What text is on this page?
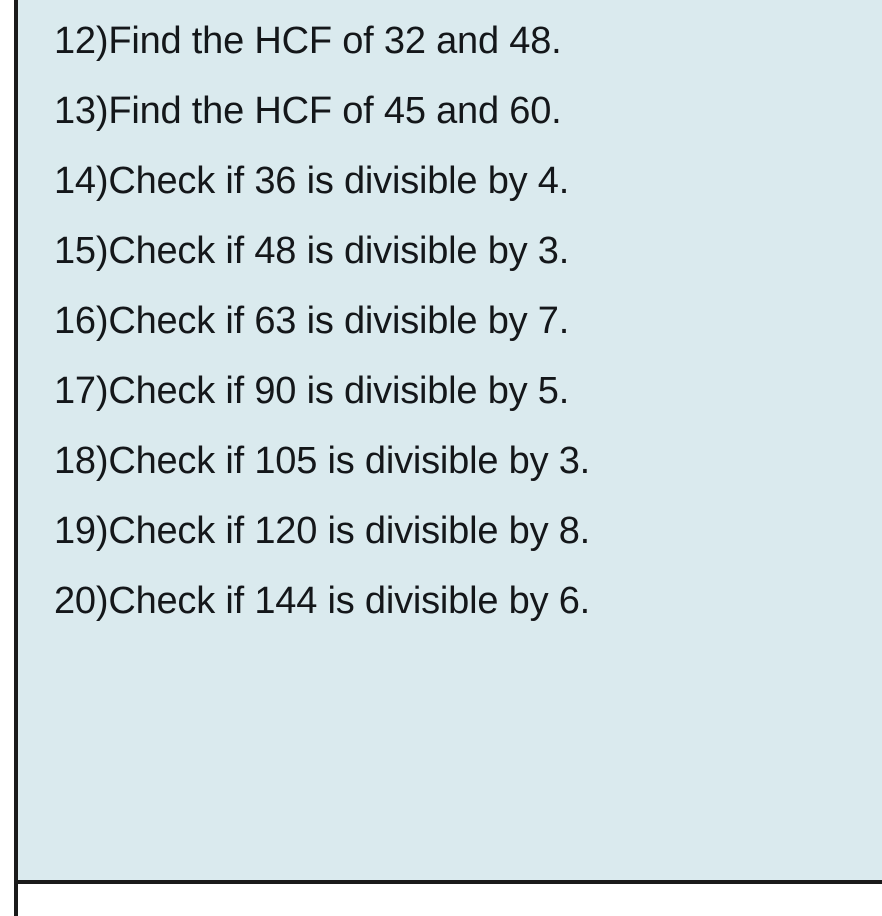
12)Find the HCF of 32 and 48.

13)Find the HCF of 45 and 60.

14)Check if 36 is divisible by 4.

15)Check if 48 is divisible by 3.

16)Check if 63 is divisible by 7.

17)Check if 90 is divisible by 5.

18)Check if 105 is divisible by 3.

19)Check if 120 is divisible by 8.

20)Check if 144 is divisible by 6.
